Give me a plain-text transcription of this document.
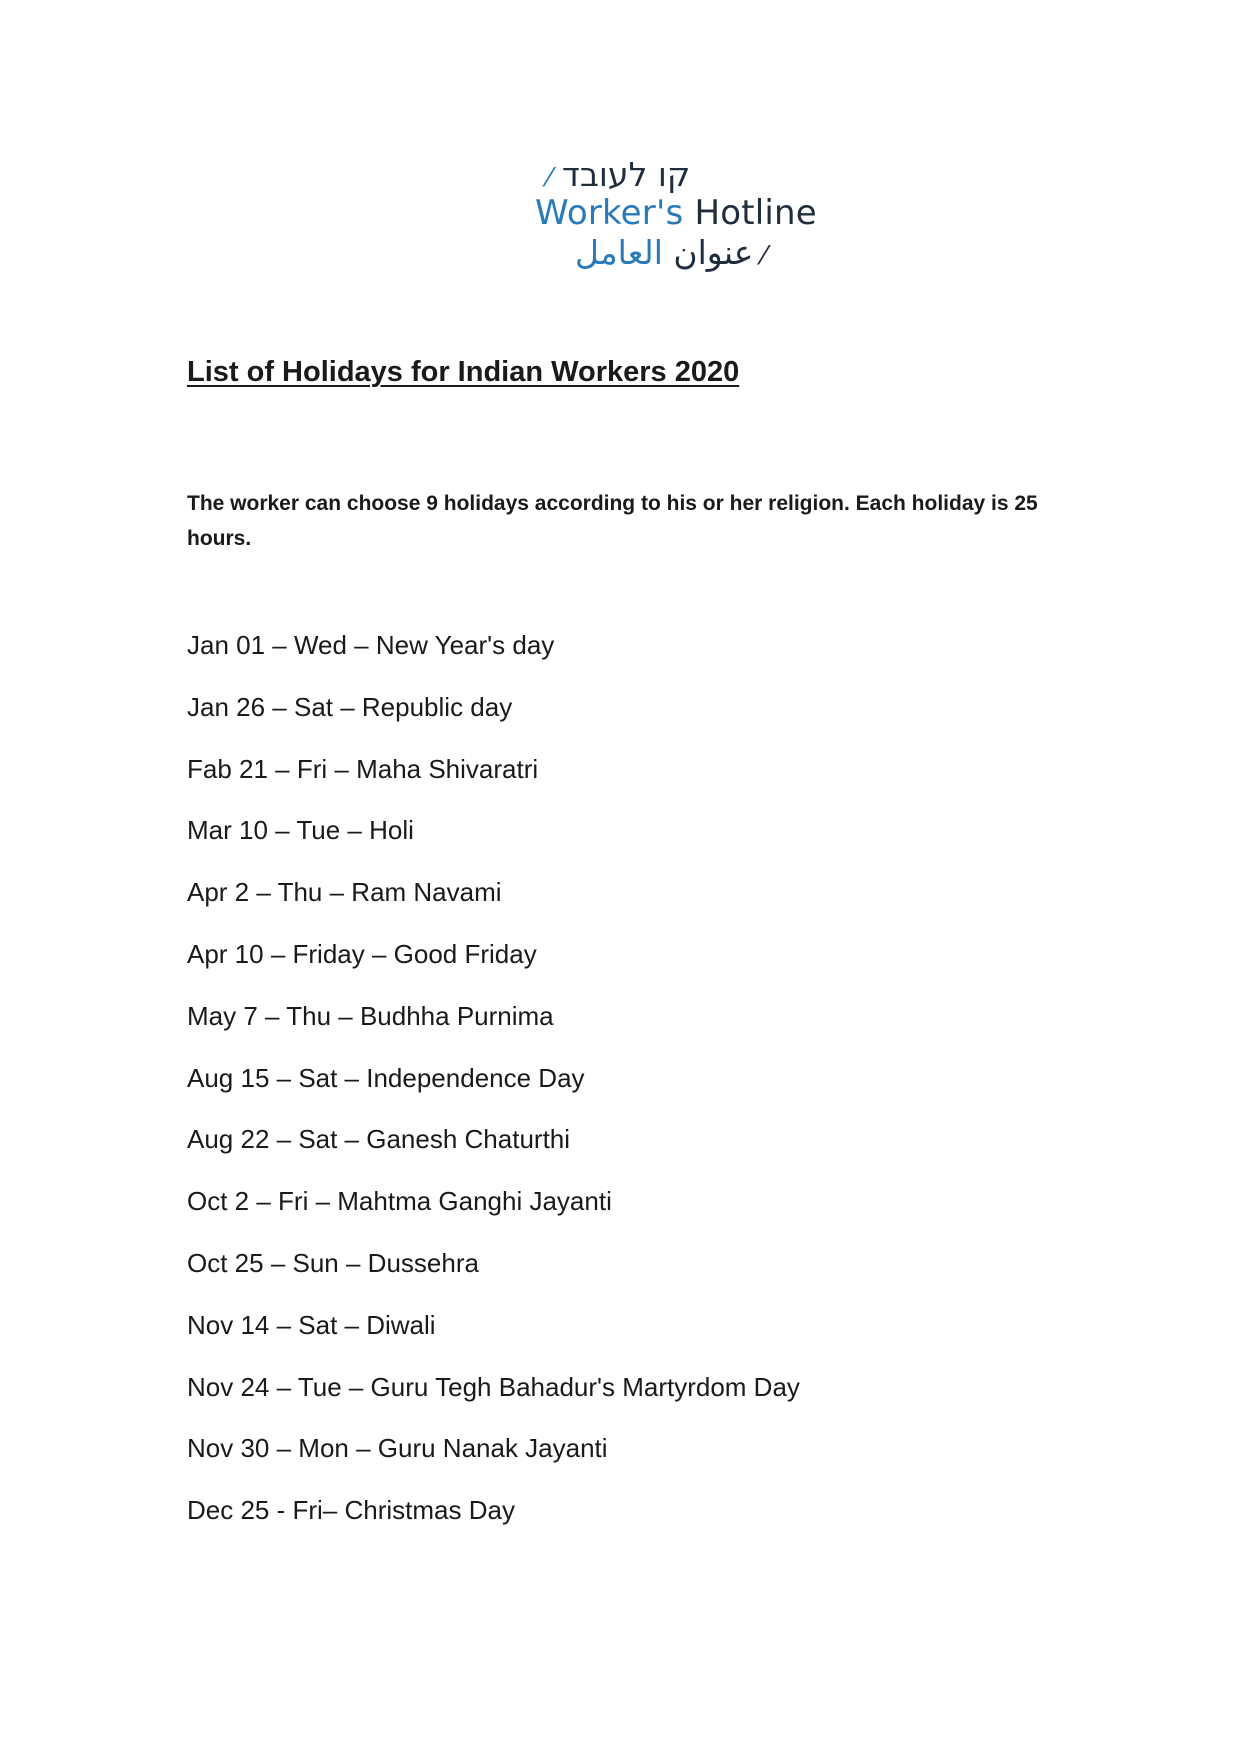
קו לעובד ⁄
Worker's Hotline
⁄ عنوان العامل
List of Holidays for Indian Workers 2020

The worker can choose 9 holidays according to his or her religion. Each holiday is 25 hours.

Jan 01 – Wed – New Year's day
Jan 26 – Sat – Republic day
Fab 21 – Fri – Maha Shivaratri
Mar 10 – Tue – Holi
Apr 2 – Thu – Ram Navami
Apr 10 – Friday – Good Friday
May 7 – Thu – Budhha Purnima
Aug 15 – Sat – Independence Day
Aug 22 – Sat – Ganesh Chaturthi
Oct 2 – Fri – Mahtma Ganghi Jayanti
Oct 25 – Sun – Dussehra
Nov 14 – Sat – Diwali
Nov 24 – Tue – Guru Tegh Bahadur's Martyrdom Day
Nov 30 – Mon – Guru Nanak Jayanti
Dec 25 - Fri– Christmas Day
